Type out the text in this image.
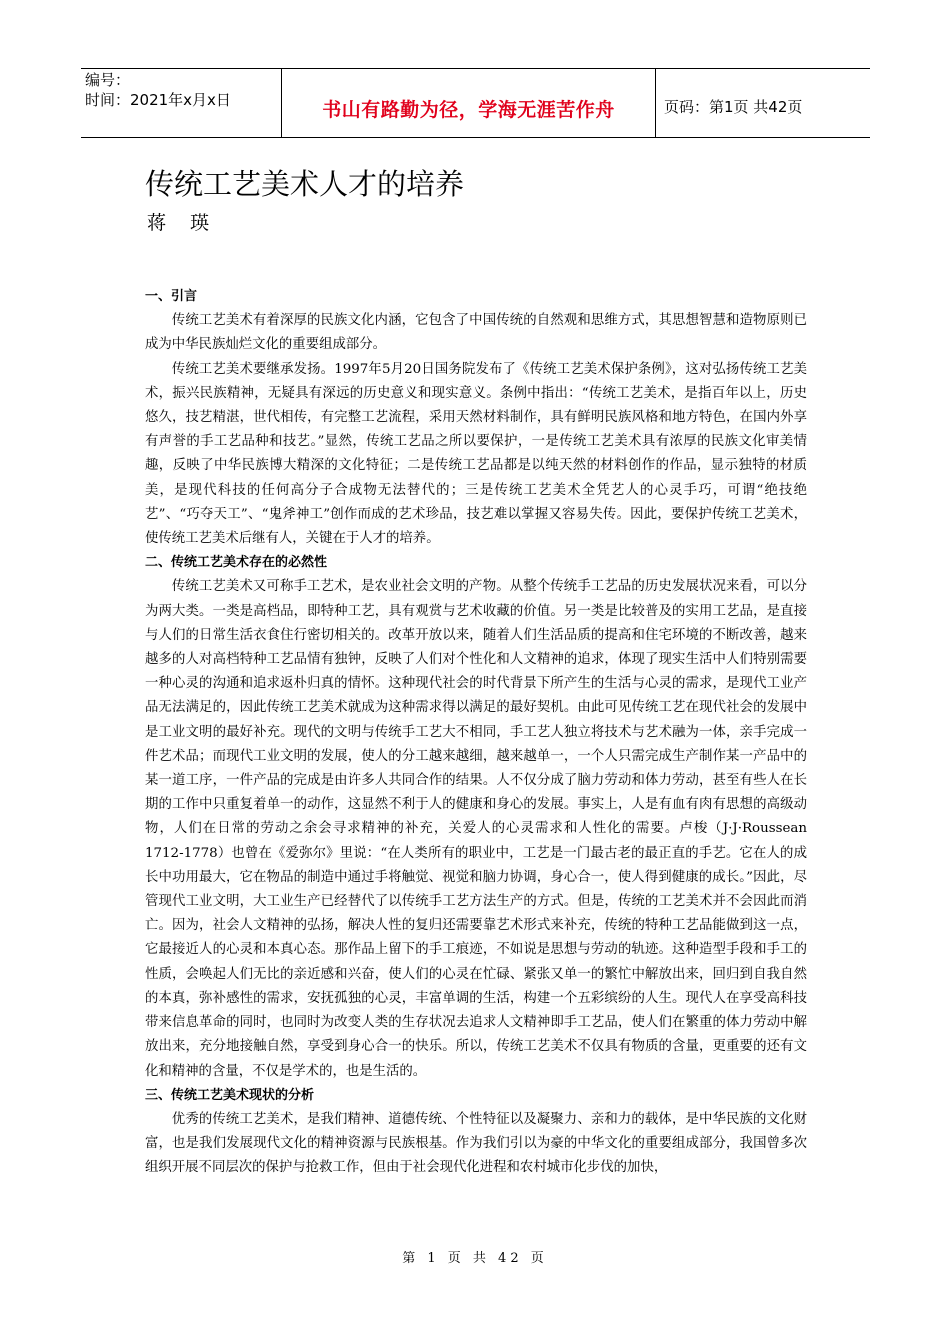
编号：
时间：2021年x月x日	书山有路勤为径，学海无涯苦作舟	页码：第1页 共42页
传统工艺美术人才的培养
蒋 瑛
一、引言

传统工艺美术有着深厚的民族文化内涵，它包含了中国传统的自然观和思维方式，其思想智慧和造物原则已成为中华民族灿烂文化的重要组成部分。

传统工艺美术要继承发扬。1997年5月20日国务院发布了《传统工艺美术保护条例》，这对弘扬传统工艺美术，振兴民族精神，无疑具有深远的历史意义和现实意义。条例中指出：“传统工艺美术，是指百年以上，历史悠久，技艺精湛，世代相传，有完整工艺流程，采用天然材料制作，具有鲜明民族风格和地方特色，在国内外享有声誉的手工艺品种和技艺。”显然，传统工艺品之所以要保护，一是传统工艺美术具有浓厚的民族文化审美情趣，反映了中华民族博大精深的文化特征；二是传统工艺品都是以纯天然的材料创作的作品，显示独特的材质美，是现代科技的任何高分子合成物无法替代的；三是传统工艺美术全凭艺人的心灵手巧，可谓“绝技绝艺”、“巧夺天工”、“鬼斧神工”创作而成的艺术珍品，技艺难以掌握又容易失传。因此，要保护传统工艺美术，使传统工艺美术后继有人，关键在于人才的培养。

二、传统工艺美术存在的必然性

传统工艺美术又可称手工艺术，是农业社会文明的产物。从整个传统手工艺品的历史发展状况来看，可以分为两大类。一类是高档品，即特种工艺，具有观赏与艺术收藏的价值。另一类是比较普及的实用工艺品，是直接与人们的日常生活衣食住行密切相关的。改革开放以来，随着人们生活品质的提高和住宅环境的不断改善，越来越多的人对高档特种工艺品情有独钟，反映了人们对个性化和人文精神的追求，体现了现实生活中人们特别需要一种心灵的沟通和追求返朴归真的情怀。这种现代社会的时代背景下所产生的生活与心灵的需求，是现代工业产品无法满足的，因此传统工艺美术就成为这种需求得以满足的最好契机。由此可见传统工艺在现代社会的发展中是工业文明的最好补充。现代的文明与传统手工艺大不相同，手工艺人独立将技术与艺术融为一体，亲手完成一件艺术品；而现代工业文明的发展，使人的分工越来越细，越来越单一，一个人只需完成生产制作某一产品中的某一道工序，一件产品的完成是由许多人共同合作的结果。人不仅分成了脑力劳动和体力劳动，甚至有些人在长期的工作中只重复着单一的动作，这显然不利于人的健康和身心的发展。事实上，人是有血有肉有思想的高级动物，人们在日常的劳动之余会寻求精神的补充，关爱人的心灵需求和人性化的需要。卢梭（J·J·Roussean 1712-1778）也曾在《爱弥尔》里说：“在人类所有的职业中，工艺是一门最古老的最正直的手艺。它在人的成长中功用最大，它在物品的制造中通过手将触觉、视觉和脑力协调，身心合一，使人得到健康的成长。”因此，尽管现代工业文明，大工业生产已经替代了以传统手工艺方法生产的方式。但是，传统的工艺美术并不会因此而消亡。因为，社会人文精神的弘扬，解决人性的复归还需要靠艺术形式来补充，传统的特种工艺品能做到这一点，它最接近人的心灵和本真心态。那作品上留下的手工痕迹，不如说是思想与劳动的轨迹。这种造型手段和手工的性质，会唤起人们无比的亲近感和兴奋，使人们的心灵在忙碌、紧张又单一的繁忙中解放出来，回归到自我自然的本真，弥补感性的需求，安抚孤独的心灵，丰富单调的生活，构建一个五彩缤纷的人生。现代人在享受高科技带来信息革命的同时，也同时为改变人类的生存状况去追求人文精神即手工艺品，使人们在繁重的体力劳动中解放出来，充分地接触自然，享受到身心合一的快乐。所以，传统工艺美术不仅具有物质的含量，更重要的还有文化和精神的含量，不仅是学术的，也是生活的。

三、传统工艺美术现状的分析

优秀的传统工艺美术，是我们精神、道德传统、个性特征以及凝聚力、亲和力的载体，是中华民族的文化财富，也是我们发展现代文化的精神资源与民族根基。作为我们引以为豪的中华文化的重要组成部分，我国曾多次组织开展不同层次的保护与抢救工作，但由于社会现代化进程和农村城市化步伐的加快，

第 1 页 共 42 页
